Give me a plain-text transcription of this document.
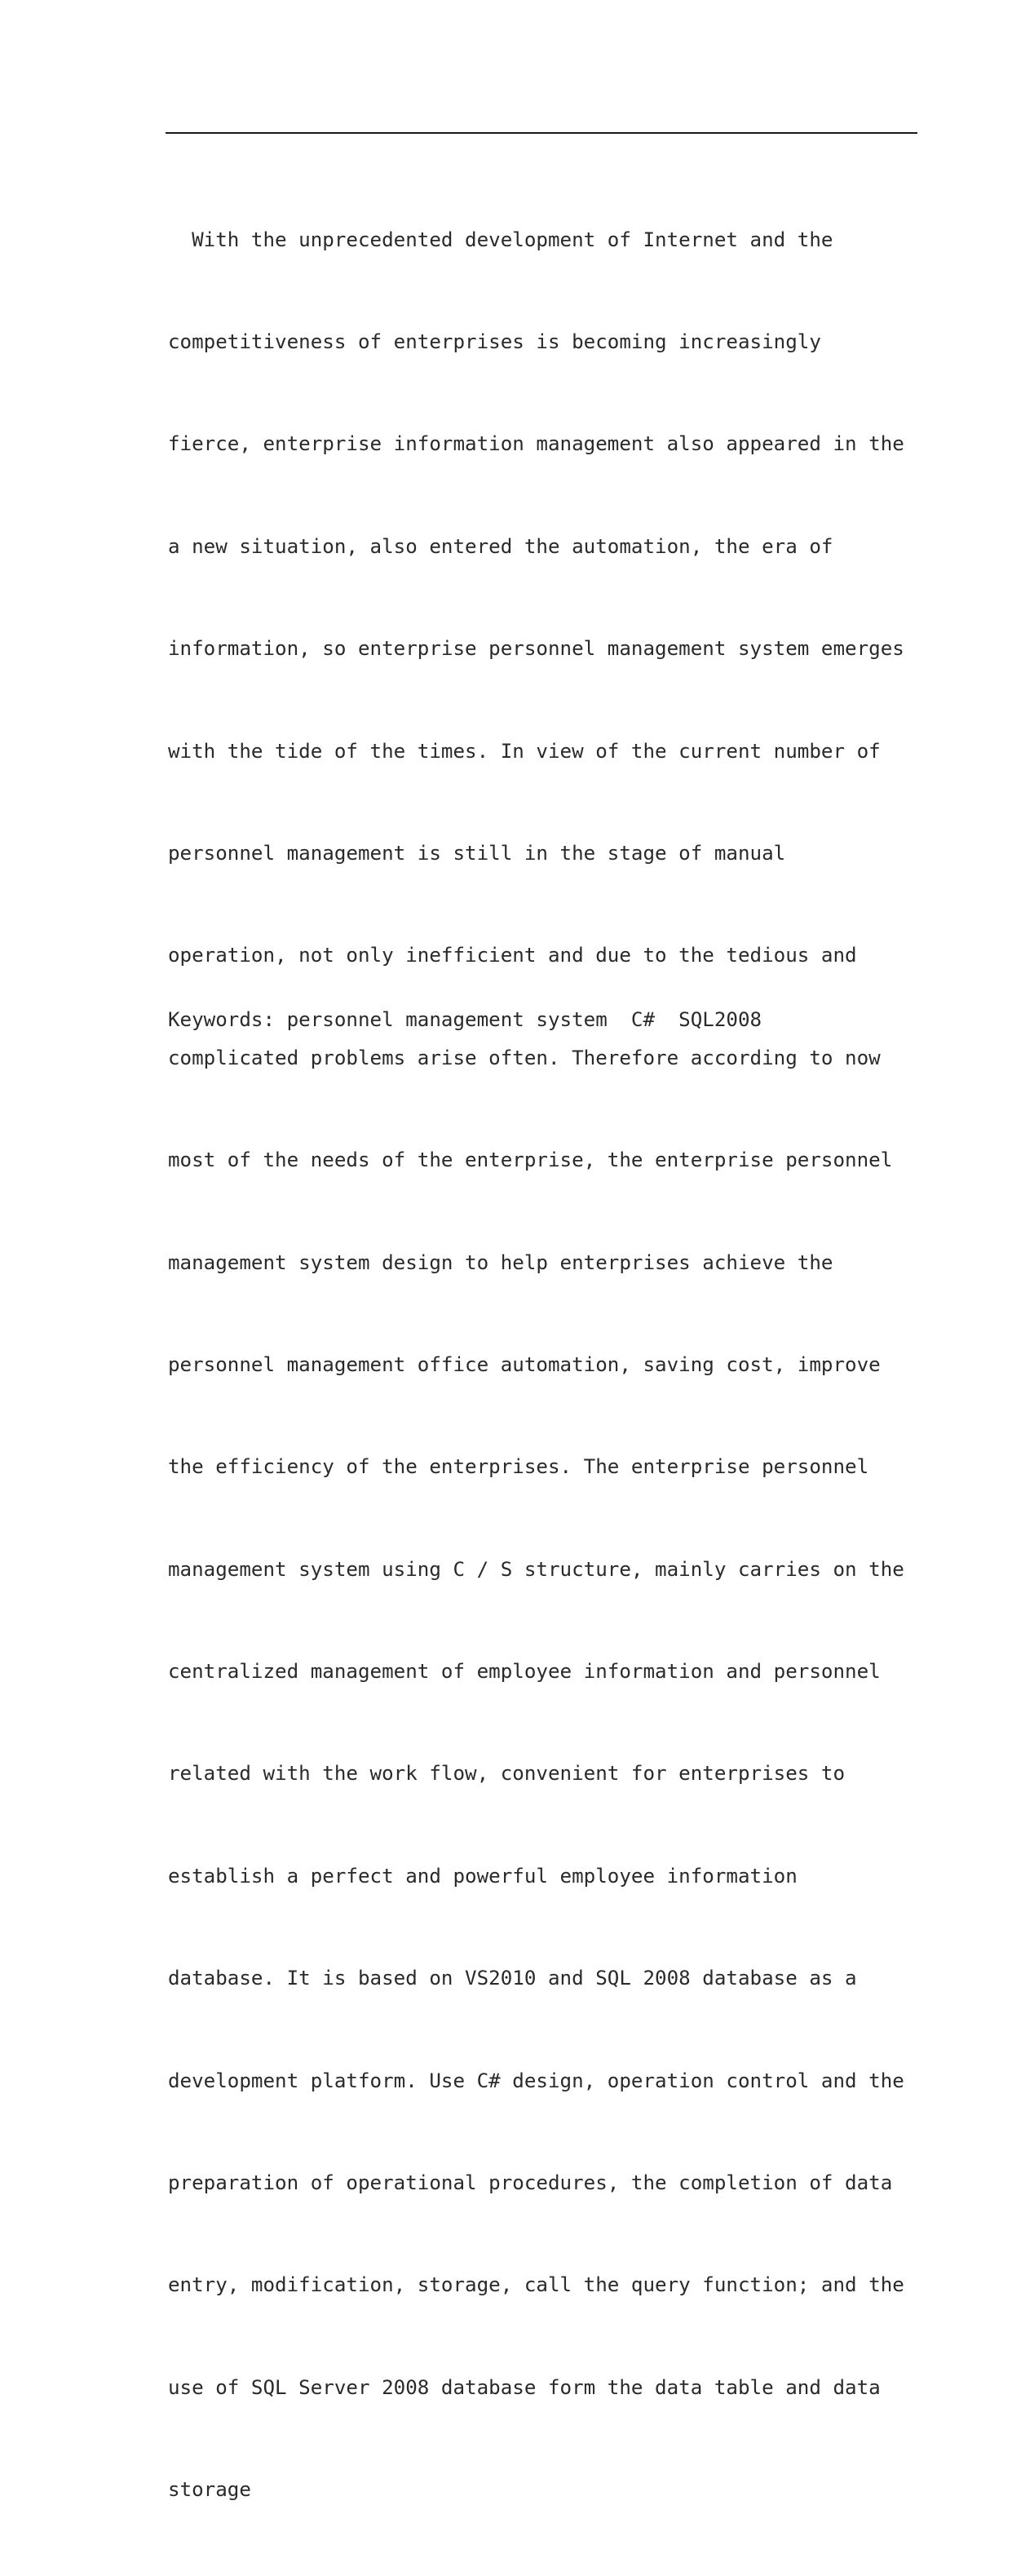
With the unprecedented development of Internet and the

competitiveness of enterprises is becoming increasingly

fierce, enterprise information management also appeared in the

a new situation, also entered the automation, the era of

information, so enterprise personnel management system emerges

with the tide of the times. In view of the current number of

personnel management is still in the stage of manual

operation, not only inefficient and due to the tedious and

complicated problems arise often. Therefore according to now

most of the needs of the enterprise, the enterprise personnel

management system design to help enterprises achieve the

personnel management office automation, saving cost, improve

the efficiency of the enterprises. The enterprise personnel

management system using C / S structure, mainly carries on the

centralized management of employee information and personnel

related with the work flow, convenient for enterprises to

establish a perfect and powerful employee information

database. It is based on VS2010 and SQL 2008 database as a

development platform. Use C# design, operation control and the

preparation of operational procedures, the completion of data

entry, modification, storage, call the query function; and the

use of SQL Server 2008 database form the data table and data

storage

Keywords: personnel management system  C#  SQL2008
